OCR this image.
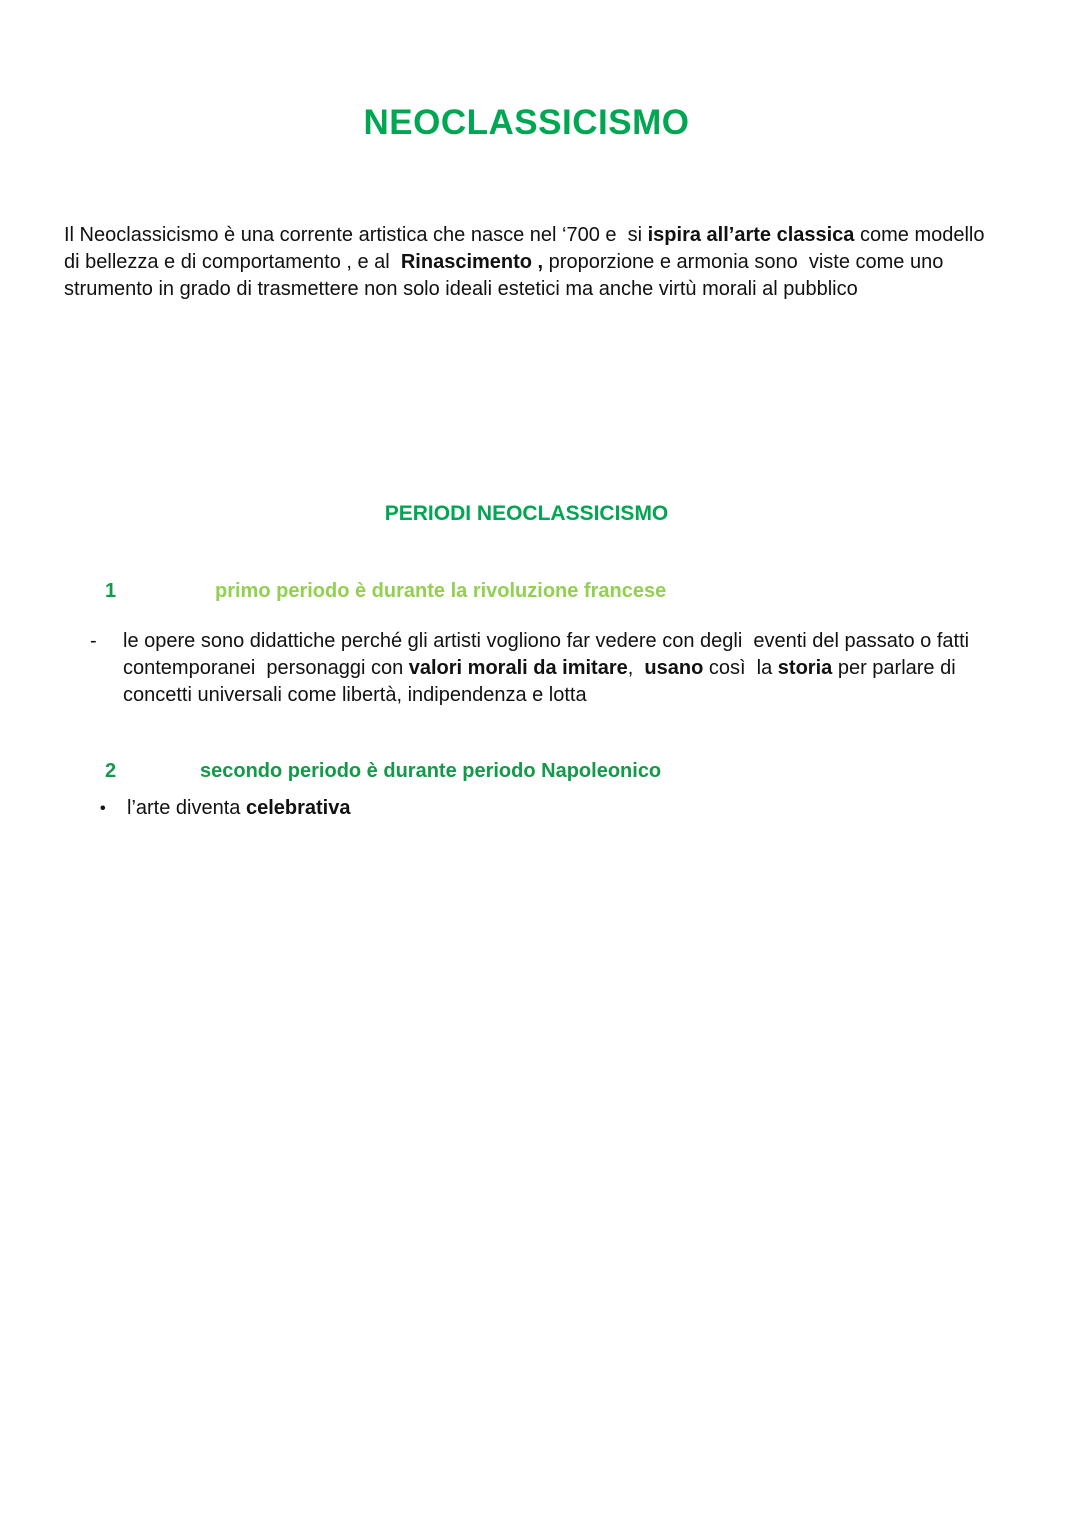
NEOCLASSICISMO

Il Neoclassicismo è una corrente artistica che nasce nel ‘700 e  si ispira all’arte classica come modello di bellezza e di comportamento , e al  Rinascimento , proporzione e armonia sono  viste come uno strumento in grado di trasmettere non solo ideali estetici ma anche virtù morali al pubblico

PERIODI NEOCLASSICISMO
1	primo periodo è durante la rivoluzione francese
-	le opere sono didattiche perché gli artisti vogliono far vedere con degli  eventi del passato o fatti contemporanei  personaggi con valori morali da imitare,  usano così  la storia per parlare di concetti universali come libertà, indipendenza e lotta
2	secondo periodo è durante periodo Napoleonico
•	l’arte diventa celebrativa
